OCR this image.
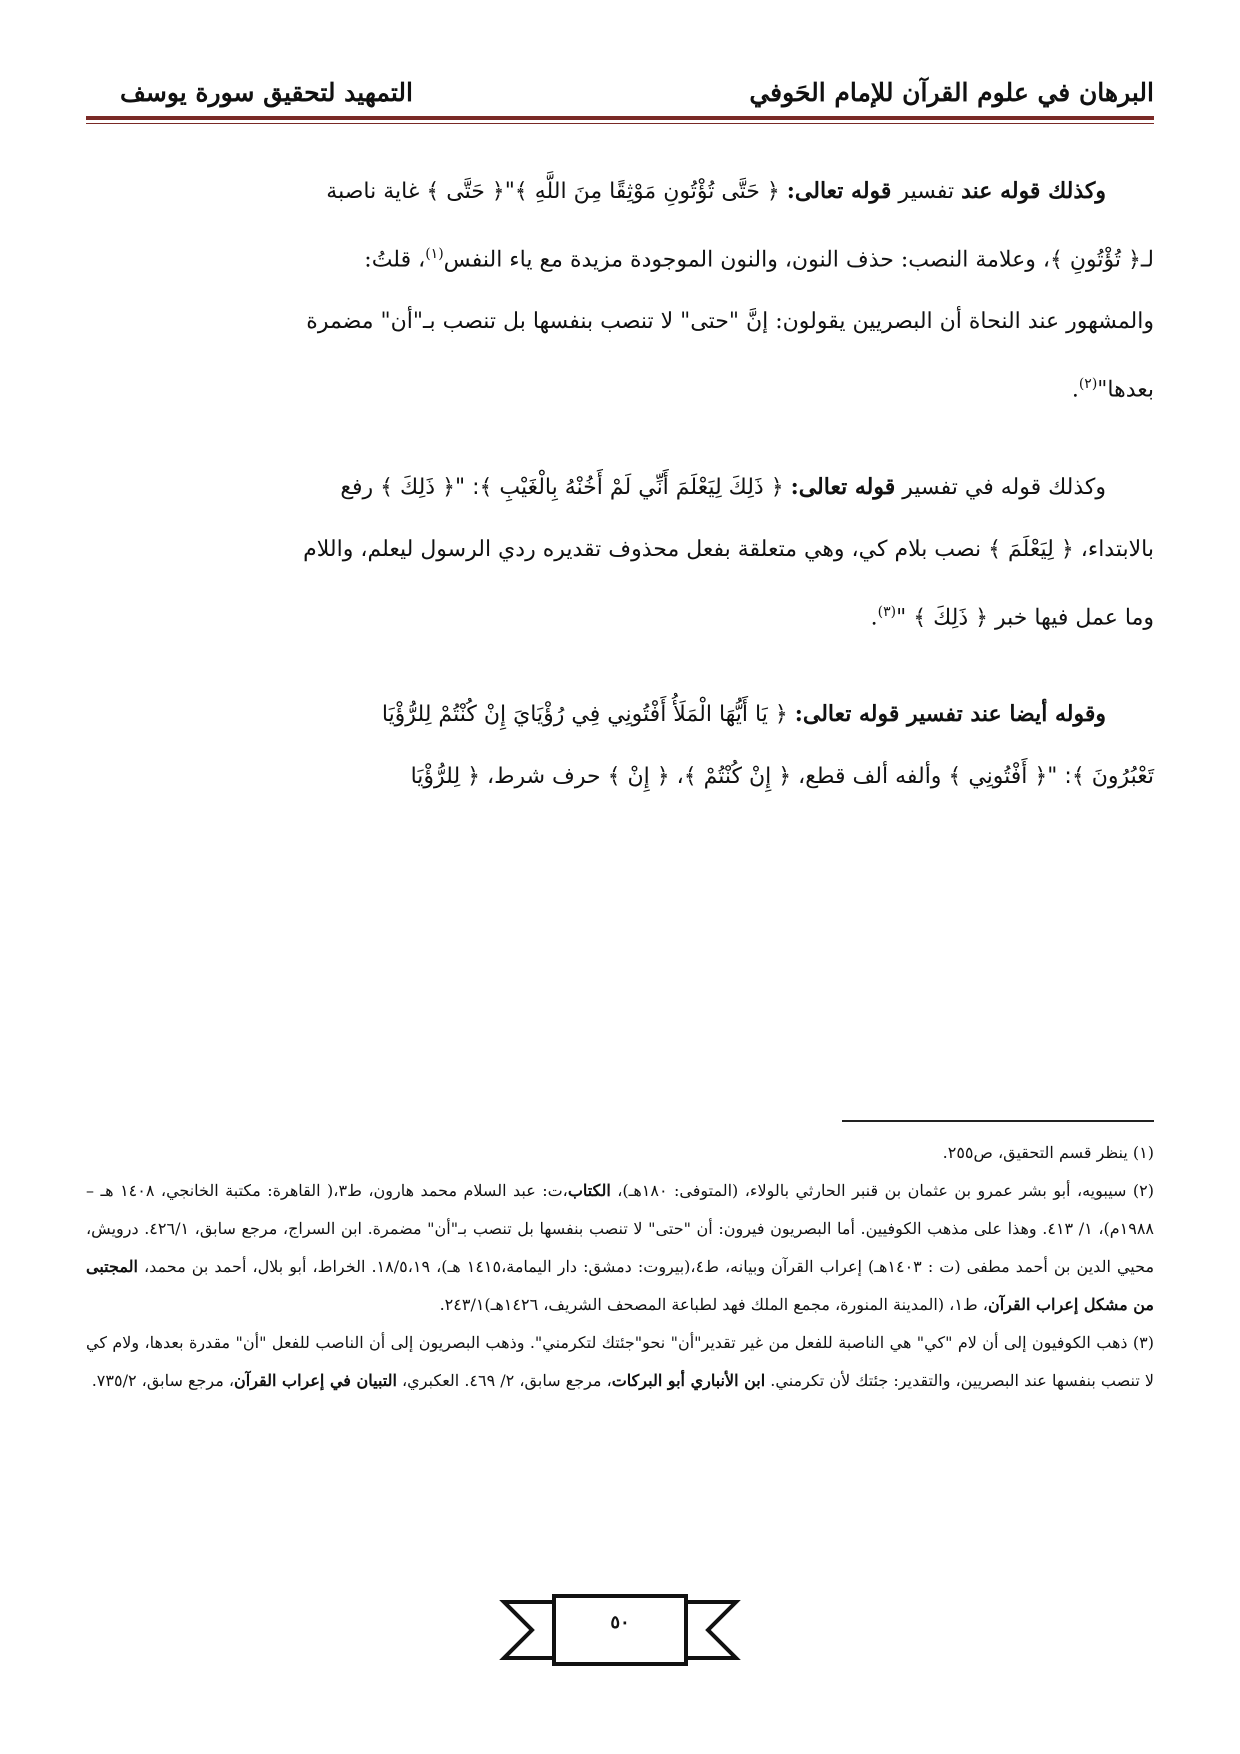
البرهان في علوم القرآن للإمام الحَوفي
التمهيد لتحقيق سورة يوسف
وكذلك قوله عند تفسير قوله تعالى: ﴿ حَتَّى تُؤْتُونِ مَوْثِقًا مِنَ اللَّهِ ﴾"﴿ حَتَّى ﴾ غاية ناصبة
لـ﴿ تُؤْتُونِ ﴾، وعلامة النصب: حذف النون، والنون الموجودة مزيدة مع ياء النفس$^{(١)}$، قلتُ:
والمشهور عند النحاة أن البصريين يقولون: إنَّ "حتى" لا تنصب بنفسها بل تنصب بـ"أن" مضمرة
بعدها"$^{(٢)}$.
وكذلك قوله في تفسير قوله تعالى: ﴿ ذَلِكَ لِيَعْلَمَ أَنِّي لَمْ أَخُنْهُ بِالْغَيْبِ ﴾: "﴿ ذَلِكَ ﴾ رفع
بالابتداء، ﴿ لِيَعْلَمَ ﴾ نصب بلام كي، وهي متعلقة بفعل محذوف تقديره ردي الرسول ليعلم، واللام
وما عمل فيها خبر ﴿ ذَلِكَ ﴾ "$^{(٣)}$.
وقوله أيضا عند تفسير قوله تعالى: ﴿ يَا أَيُّهَا الْمَلَأُ أَفْتُونِي فِي رُؤْيَايَ إِنْ كُنْتُمْ لِلرُّؤْيَا
تَعْبُرُونَ ﴾: "﴿ أَفْتُونِي ﴾ وألفه ألف قطع، ﴿ إِنْ كُنْتُمْ ﴾، ﴿ إِنْ ﴾ حرف شرط، ﴿ لِلرُّؤْيَا

(١) ينظر قسم التحقيق، ص٢٥٥.

(٢) سيبويه، أبو بشر عمرو بن عثمان بن قنبر الحارثي بالولاء، (المتوفى: ١٨٠هـ)، الكتاب،ت: عبد السلام محمد هارون، ط٣،( القاهرة: مكتبة الخانجي، ١٤٠٨ هـ – ١٩٨٨م)، ١/ ٤١٣. وهذا على مذهب الكوفيين. أما البصريون فيرون: أن "حتى" لا تنصب بنفسها بل تنصب بـ"أن" مضمرة. ابن السراج، مرجع سابق، ٤٢٦/١. درويش، محيي الدين بن أحمد مطفى (ت : ١٤٠٣هـ) إعراب القرآن وبيانه، ط٤،(بيروت: دمشق: دار اليمامة،١٤١٥ هـ)، ١٨/٥،١٩. الخراط، أبو بلال، أحمد بن محمد، المجتبى من مشكل إعراب القرآن، ط١، (المدينة المنورة، مجمع الملك فهد لطباعة المصحف الشريف، ١٤٢٦هـ)٢٤٣/١.

(٣) ذهب الكوفيون إلى أن لام "كي" هي الناصبة للفعل من غير تقدير"أن" نحو"جئتك لتكرمني". وذهب البصريون إلى أن الناصب للفعل "أن" مقدرة بعدها، ولام كي لا تنصب بنفسها عند البصريين، والتقدير: جئتك لأن تكرمني. ابن الأنباري أبو البركات، مرجع سابق، ٢/ ٤٦٩. العكبري، التبيان في إعراب القرآن، مرجع سابق، ٧٣٥/٢.

٥٠
